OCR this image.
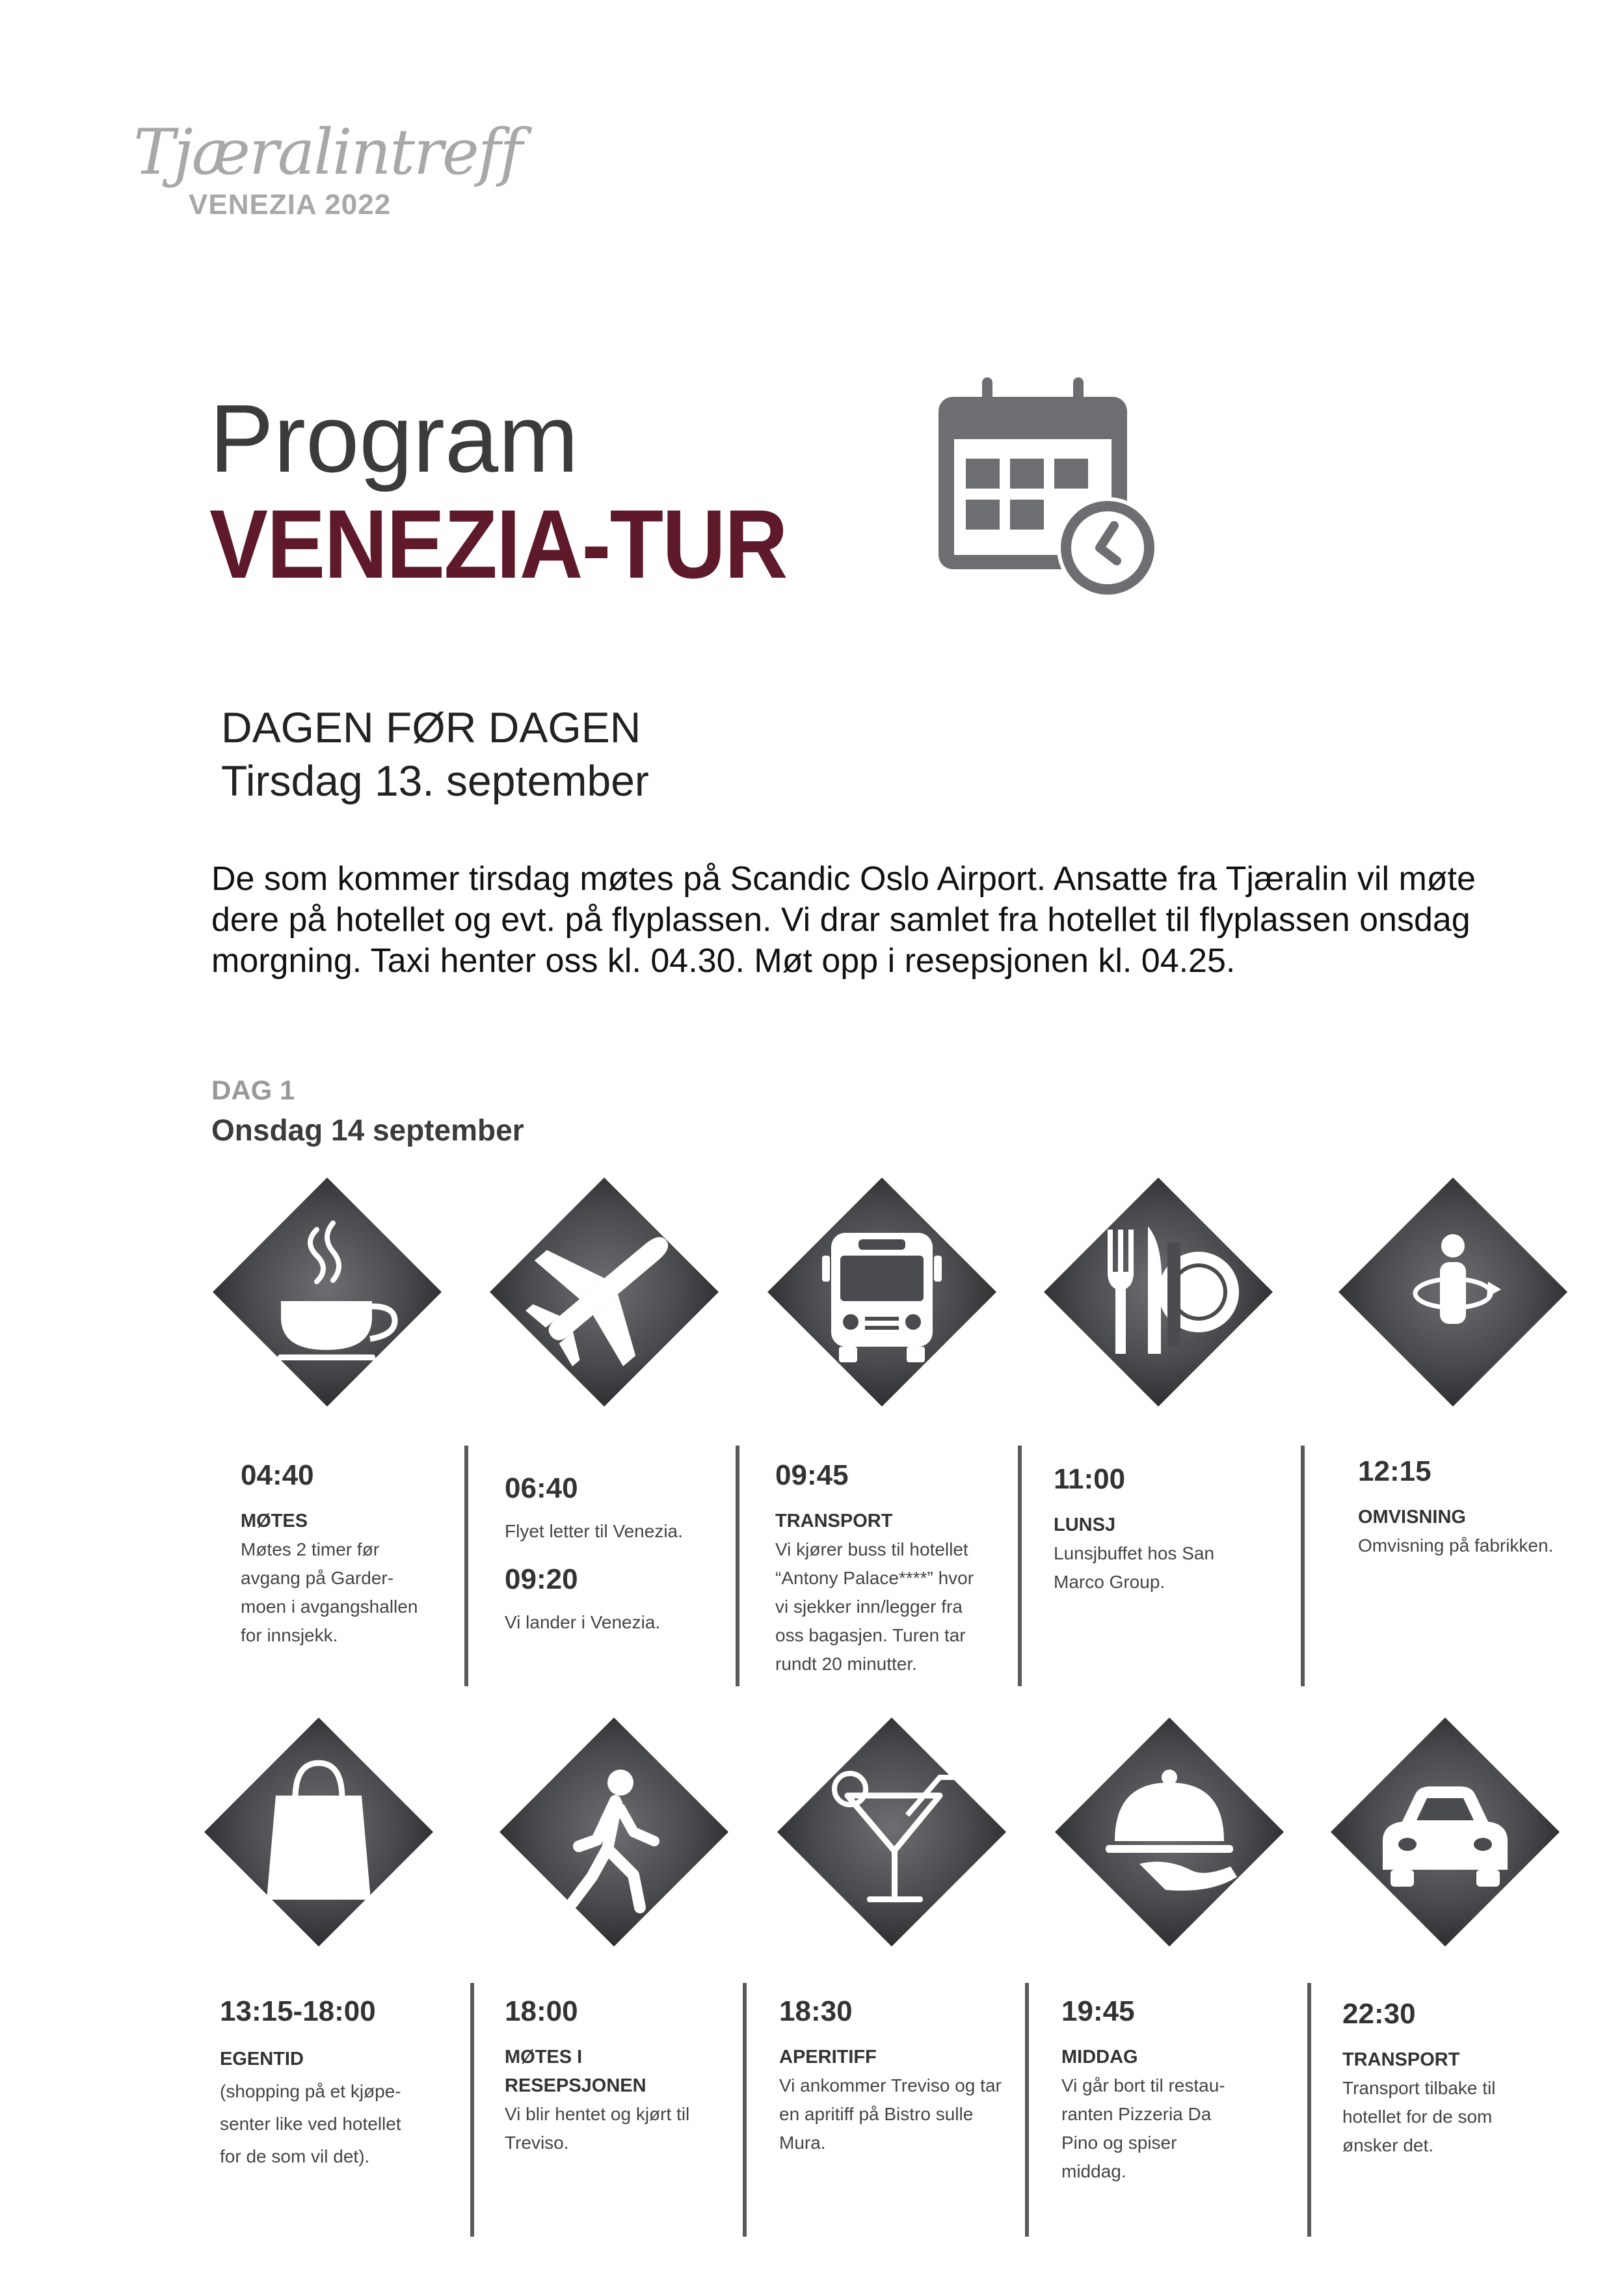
Tjæralintreff
VENEZIA 2022
Program
VENEZIA-TUR
DAGEN FØR DAGEN
Tirsdag 13. september
De som kommer tirsdag møtes på Scandic Oslo Airport. Ansatte fra Tjæralin vil møte dere på hotellet og evt. på flyplassen. Vi drar samlet fra hotellet til flyplassen onsdag morgning. Taxi henter oss kl. 04.30. Møt opp i resepsjonen kl. 04.25.
DAG 1
Onsdag 14 september
04:40
MØTES
Møtes 2 timer før
avgang på Garder-
moen i avgangshallen
for innsjekk.
06:40
Flyet letter til Venezia.
09:20
Vi lander i Venezia.
09:45
TRANSPORT
Vi kjører buss til hotellet
“Antony Palace****” hvor
vi sjekker inn/legger fra
oss bagasjen. Turen tar
rundt 20 minutter.
11:00
LUNSJ
Lunsjbuffet hos San
Marco Group.
12:15
OMVISNING
Omvisning på fabrikken.
13:15-18:00
EGENTID
(shopping på et kjøpe-
senter like ved hotellet
for de som vil det).
18:00
MØTES I
RESEPSJONEN
Vi blir hentet og kjørt til
Treviso.
18:30
APERITIFF
Vi ankommer Treviso og tar
en apritiff på Bistro sulle
Mura.
19:45
MIDDAG
Vi går bort til restau-
ranten Pizzeria Da
Pino og spiser
middag.
22:30
TRANSPORT
Transport tilbake til
hotellet for de som
ønsker det.
